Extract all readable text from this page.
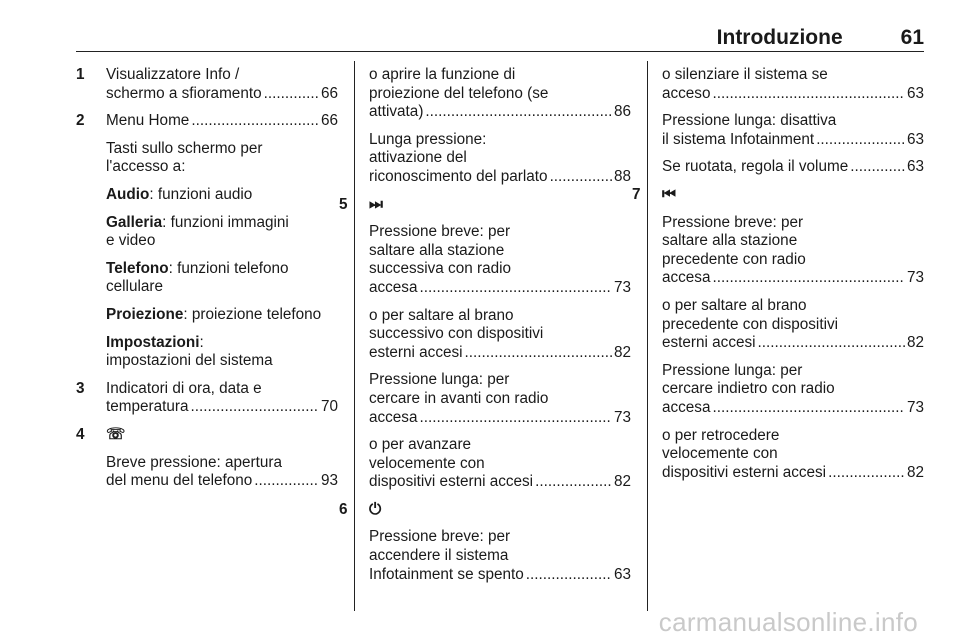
Introduzione	61
1 Visualizzatore Info /
schermo a sfioramento .....	66

2 Menu Home .....	66

Tasti sullo schermo per
l'accesso a:

Audio: funzioni audio

Galleria: funzioni immagini
e video

Telefono: funzioni telefono
cellulare

Proiezione: proiezione telefono

Impostazioni:
impostazioni del sistema

3 Indicatori di ora, data e
temperatura .....	70

4 ☏

Breve pressione: apertura
del menu del telefono .....	93

o aprire la funzione di
proiezione del telefono (se
attivata) .....	86

Lunga pressione:
attivazione del
riconoscimento del parlato .....	88

5 ⏭

Pressione breve: per
saltare alla stazione
successiva con radio
accesa .....	73

o per saltare al brano
successivo con dispositivi
esterni accesi .....	82

Pressione lunga: per
cercare in avanti con radio
accesa .....	73

o per avanzare
velocemente con
dispositivi esterni accesi .....	82

6 ⏻

Pressione breve: per
accendere il sistema
Infotainment se spento .....	63

o silenziare il sistema se
acceso .....	63

Pressione lunga: disattiva
il sistema Infotainment .....	63

Se ruotata, regola il volume .....	63

7 ⏮

Pressione breve: per
saltare alla stazione
precedente con radio
accesa .....	73

o per saltare al brano
precedente con dispositivi
esterni accesi .....	82

Pressione lunga: per
cercare indietro con radio
accesa .....	73

o per retrocedere
velocemente con
dispositivi esterni accesi .....	82

carmanualsonline.info
